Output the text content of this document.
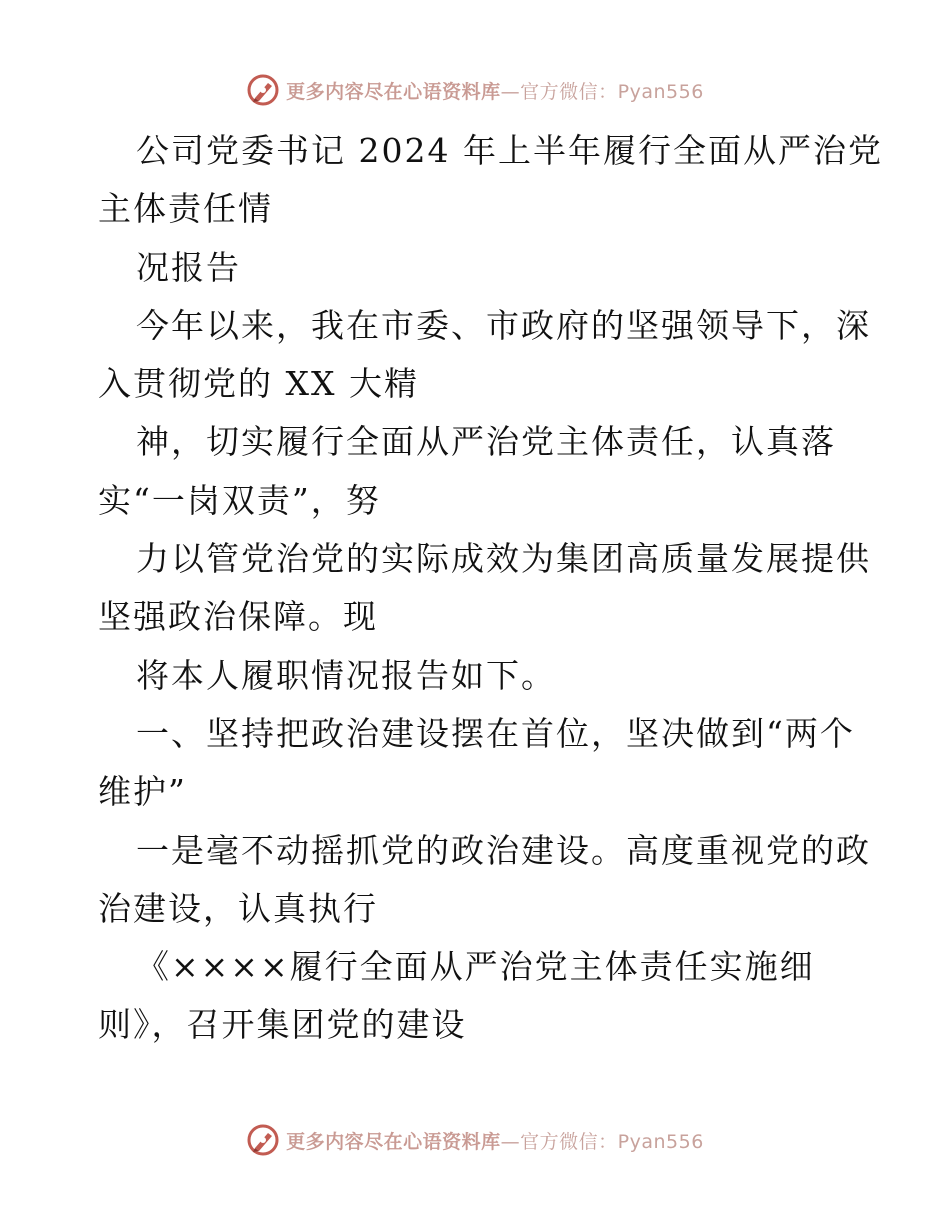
更多内容尽在心语资料库—官方微信：Pyan556
公司党委书记 2024 年上半年履行全面从严治党
主体责任情
况报告
今年以来，我在市委、市政府的坚强领导下，深
入贯彻党的 XX 大精
神，切实履行全面从严治党主体责任，认真落
实“一岗双责”，努
力以管党治党的实际成效为集团高质量发展提供
坚强政治保障。现
将本人履职情况报告如下。
一、坚持把政治建设摆在首位，坚决做到“两个
维护”
一是毫不动摇抓党的政治建设。高度重视党的政
治建设，认真执行
《××××履行全面从严治党主体责任实施细
则》，召开集团党的建设
更多内容尽在心语资料库—官方微信：Pyan556
